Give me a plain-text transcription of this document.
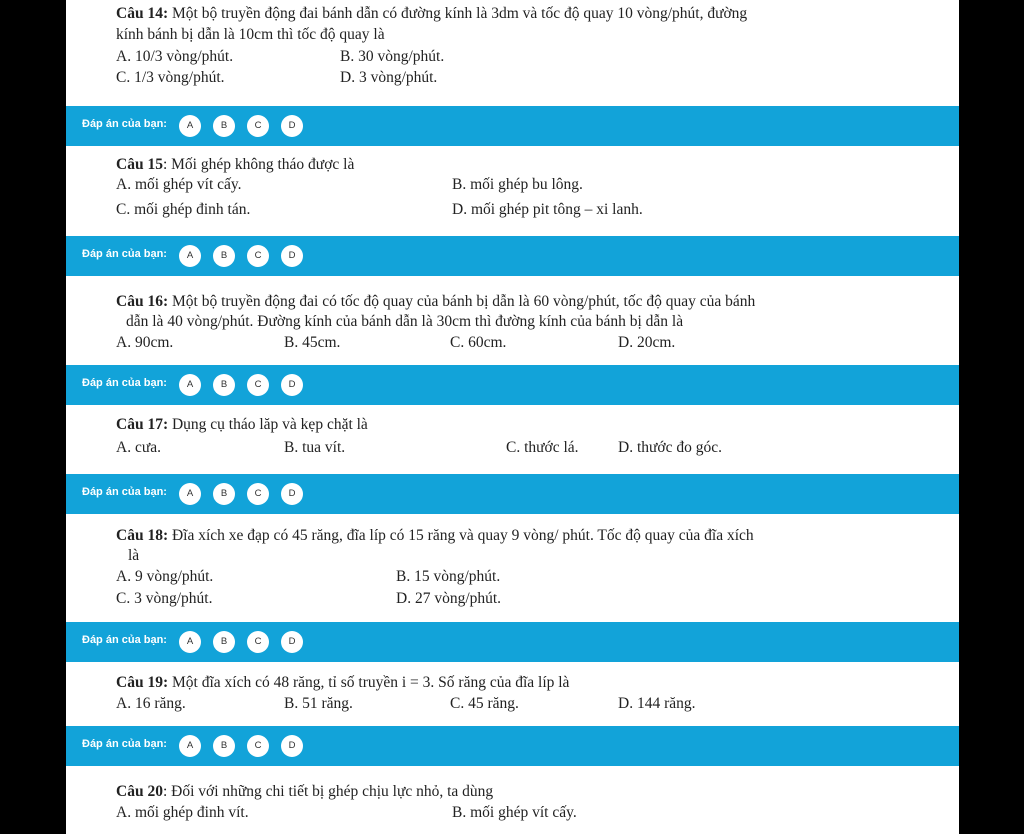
Câu 14: Một bộ truyền động đai bánh dẫn có đường kính là 3dm và tốc độ quay 10 vòng/phút, đường
kính bánh bị dẫn là 10cm thì tốc độ quay là
A. 10/3 vòng/phút.	B. 30 vòng/phút.
C. 1/3 vòng/phút.	D. 3 vòng/phút.
Đáp án của bạn:	A	B	C	D
Câu 15: Mối ghép không tháo được là
A. mối ghép vít cấy.	B. mối ghép bu lông.
C. mối ghép đinh tán.	D. mối ghép pit tông – xi lanh.
Đáp án của bạn:	A	B	C	D
Câu 16: Một bộ truyền động đai có tốc độ quay của bánh bị dẫn là 60 vòng/phút, tốc độ quay của bánh
dẫn là 40 vòng/phút. Đường kính của bánh dẫn là 30cm thì đường kính của bánh bị dẫn là
A. 90cm.	B. 45cm.	C. 60cm.	D. 20cm.
Đáp án của bạn:	A	B	C	D
Câu 17: Dụng cụ tháo lăp và kẹp chặt là
A. cưa.	B. tua vít.	C. thước lá.	D. thước đo góc.
Đáp án của bạn:	A	B	C	D
Câu 18: Đĩa xích xe đạp có 45 răng, đĩa líp có 15 răng và quay 9 vòng/ phút. Tốc độ quay của đĩa xích
là
A. 9 vòng/phút.	B. 15 vòng/phút.
C. 3 vòng/phút.	D. 27 vòng/phút.
Đáp án của bạn:	A	B	C	D
Câu 19: Một đĩa xích có 48 răng, tỉ số truyền i = 3. Số răng của đĩa líp là
A. 16 răng.	B. 51 răng.	C. 45 răng.	D. 144 răng.
Đáp án của bạn:	A	B	C	D
Câu 20: Đối với những chi tiết bị ghép chịu lực nhỏ, ta dùng
A. mối ghép đinh vít.	B. mối ghép vít cấy.
